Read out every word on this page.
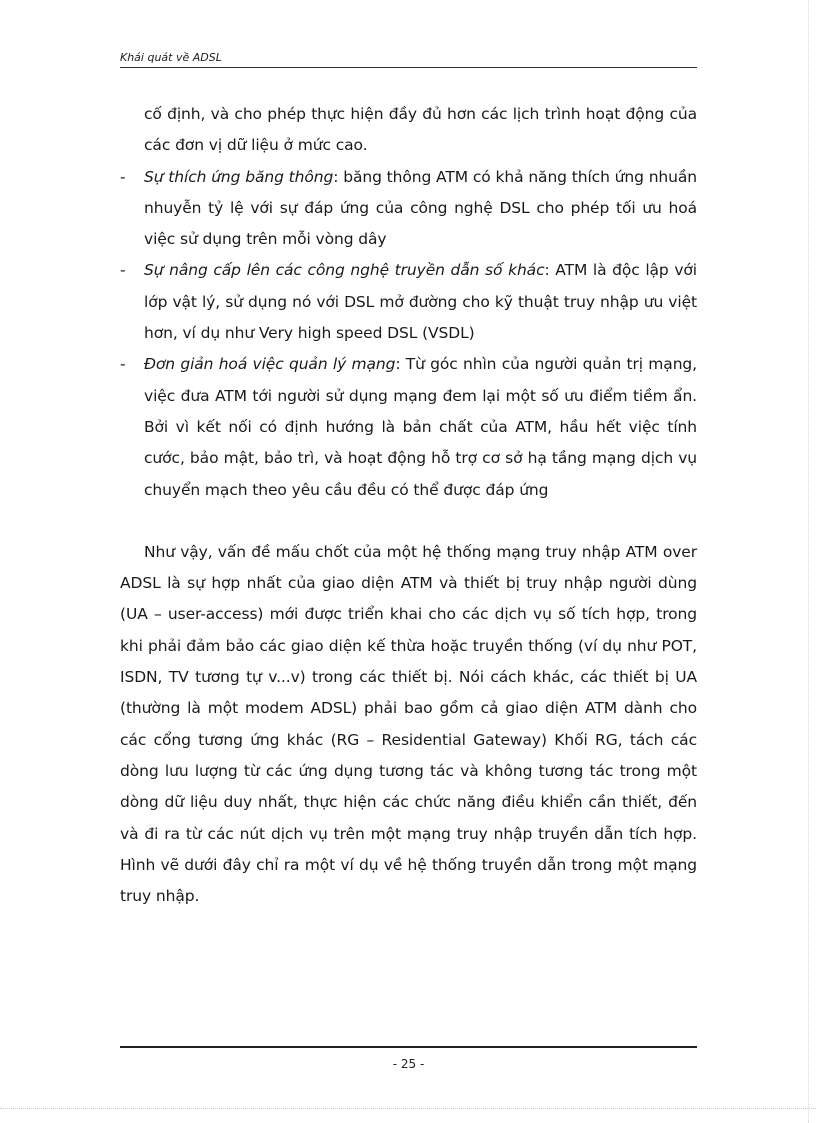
Khái quát về ADSL

cố định, và cho phép thực hiện đầy đủ hơn các lịch trình hoạt động của các đơn vị dữ liệu ở mức cao.

- Sự thích ứng băng thông: băng thông ATM có khả năng thích ứng nhuần nhuyễn tỷ lệ với sự đáp ứng của công nghệ DSL cho phép tối ưu hoá việc sử dụng trên mỗi vòng dây

- Sự nâng cấp lên các công nghệ truyền dẫn số khác: ATM là độc lập với lớp vật lý, sử dụng nó với DSL mở đường cho kỹ thuật truy nhập ưu việt hơn, ví dụ như Very high speed DSL (VSDL)

- Đơn giản hoá việc quản lý mạng: Từ góc nhìn của người quản trị mạng, việc đưa ATM tới người sử dụng mạng đem lại một số ưu điểm tiềm ẩn. Bởi vì kết nối có định hướng là bản chất của ATM, hầu hết việc tính cước, bảo mật, bảo trì, và hoạt động hỗ trợ cơ sở hạ tầng mạng dịch vụ chuyển mạch theo yêu cầu đều có thể được đáp ứng

Như vậy, vấn đề mấu chốt của một hệ thống mạng truy nhập ATM over ADSL là sự hợp nhất của giao diện ATM và thiết bị truy nhập người dùng (UA – user-access) mới được triển khai cho các dịch vụ số tích hợp, trong khi phải đảm bảo các giao diện kế thừa hoặc truyền thống (ví dụ như POT, ISDN, TV tương tự v...v) trong các thiết bị. Nói cách khác, các thiết bị UA (thường là một modem ADSL) phải bao gồm cả giao diện ATM dành cho các cổng tương ứng khác (RG – Residential Gateway) Khối RG, tách các dòng lưu lượng từ các ứng dụng tương tác và không tương tác trong một dòng dữ liệu duy nhất, thực hiện các chức năng điều khiển cần thiết, đến và đi ra từ các nút dịch vụ trên một mạng truy nhập truyền dẫn tích hợp. Hình vẽ dưới đây chỉ ra một ví dụ về hệ thống truyền dẫn trong một mạng truy nhập.

- 25 -
